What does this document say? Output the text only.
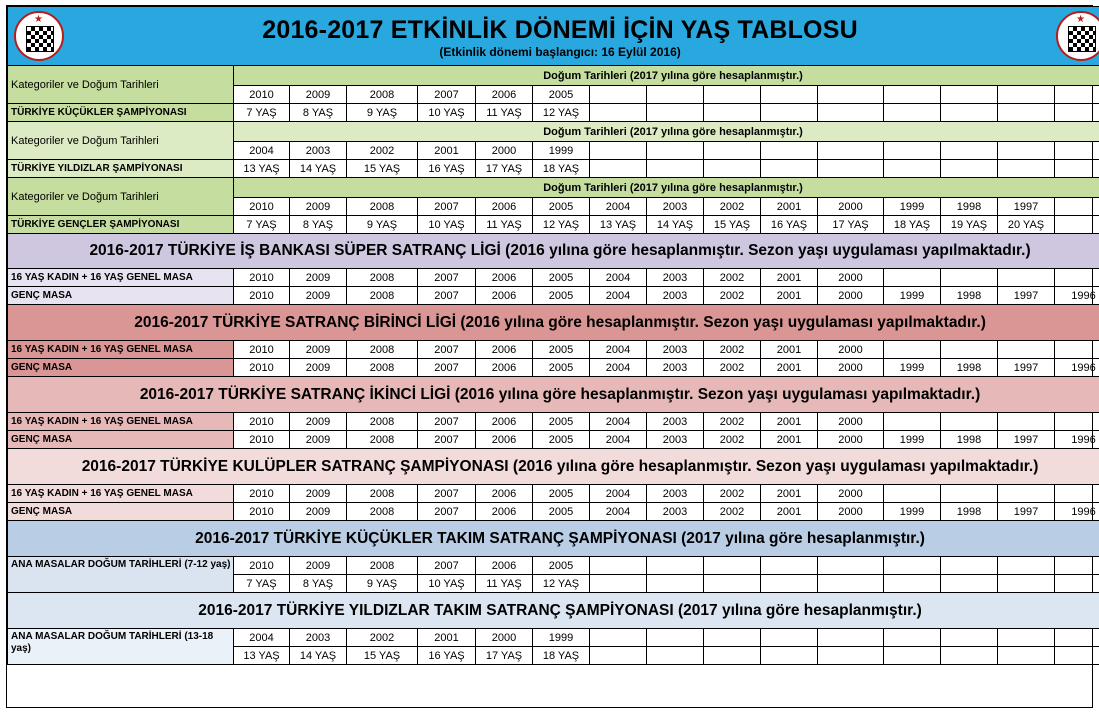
★ 2016-2017 ETKİNLİK DÖNEMİ İÇİN YAŞ TABLOSU
(Etkinlik dönemi başlangıcı: 16 Eylül 2016)
★															

Kategoriler ve Doğum Tarihleri	Doğum Tarihleri (2017 yılına göre hesaplanmıştır.)														
	2010	2009	2008	2007	2006	2005									
TÜRKİYE KÜÇÜKLER ŞAMPİYONASI	7 YAŞ	8 YAŞ	9 YAŞ	10 YAŞ	11 YAŞ	12 YAŞ									
Kategoriler ve Doğum Tarihleri	Doğum Tarihleri (2017 yılına göre hesaplanmıştır.)														
	2004	2003	2002	2001	2000	1999									
TÜRKİYE YILDIZLAR ŞAMPİYONASI	13 YAŞ	14 YAŞ	15 YAŞ	16 YAŞ	17 YAŞ	18 YAŞ									
Kategoriler ve Doğum Tarihleri	Doğum Tarihleri (2017 yılına göre hesaplanmıştır.)														
	2010	2009	2008	2007	2006	2005	2004	2003	2002	2001	2000	1999	1998	1997	
TÜRKİYE GENÇLER ŞAMPİYONASI	7 YAŞ	8 YAŞ	9 YAŞ	10 YAŞ	11 YAŞ	12 YAŞ	13 YAŞ	14 YAŞ	15 YAŞ	16 YAŞ	17 YAŞ	18 YAŞ	19 YAŞ	20 YAŞ	
2016-2017 TÜRKİYE İŞ BANKASI SÜPER SATRANÇ LİGİ (2016 yılına göre hesaplanmıştır. Sezon yaşı uygulaması yapılmaktadır.)															
16 YAŞ KADIN + 16 YAŞ GENEL MASA	2010	2009	2008	2007	2006	2005	2004	2003	2002	2001	2000				
GENÇ MASA	2010	2009	2008	2007	2006	2005	2004	2003	2002	2001	2000	1999	1998	1997	1996
2016-2017 TÜRKİYE SATRANÇ BİRİNCİ LİGİ (2016 yılına göre hesaplanmıştır. Sezon yaşı uygulaması yapılmaktadır.)															
16 YAŞ KADIN + 16 YAŞ GENEL MASA	2010	2009	2008	2007	2006	2005	2004	2003	2002	2001	2000				
GENÇ MASA	2010	2009	2008	2007	2006	2005	2004	2003	2002	2001	2000	1999	1998	1997	1996
2016-2017 TÜRKİYE SATRANÇ İKİNCİ LİGİ (2016 yılına göre hesaplanmıştır. Sezon yaşı uygulaması yapılmaktadır.)															
16 YAŞ KADIN + 16 YAŞ GENEL MASA	2010	2009	2008	2007	2006	2005	2004	2003	2002	2001	2000				
GENÇ MASA	2010	2009	2008	2007	2006	2005	2004	2003	2002	2001	2000	1999	1998	1997	1996
2016-2017 TÜRKİYE KULÜPLER SATRANÇ ŞAMPİYONASI (2016 yılına göre hesaplanmıştır. Sezon yaşı uygulaması yapılmaktadır.)															
16 YAŞ KADIN + 16 YAŞ GENEL MASA	2010	2009	2008	2007	2006	2005	2004	2003	2002	2001	2000				
GENÇ MASA	2010	2009	2008	2007	2006	2005	2004	2003	2002	2001	2000	1999	1998	1997	1996
2016-2017 TÜRKİYE KÜÇÜKLER TAKIM SATRANÇ ŞAMPİYONASI (2017 yılına göre hesaplanmıştır.)															
ANA MASALAR DOĞUM TARİHLERİ (7-12 yaş)	2010	2009	2008	2007	2006	2005									
	7 YAŞ	8 YAŞ	9 YAŞ	10 YAŞ	11 YAŞ	12 YAŞ									
2016-2017 TÜRKİYE YILDIZLAR TAKIM SATRANÇ ŞAMPİYONASI (2017 yılına göre hesaplanmıştır.)															
ANA MASALAR DOĞUM TARİHLERİ (13-18 yaş)	2004	2003	2002	2001	2000	1999									
	13 YAŞ	14 YAŞ	15 YAŞ	16 YAŞ	17 YAŞ	18 YAŞ									
